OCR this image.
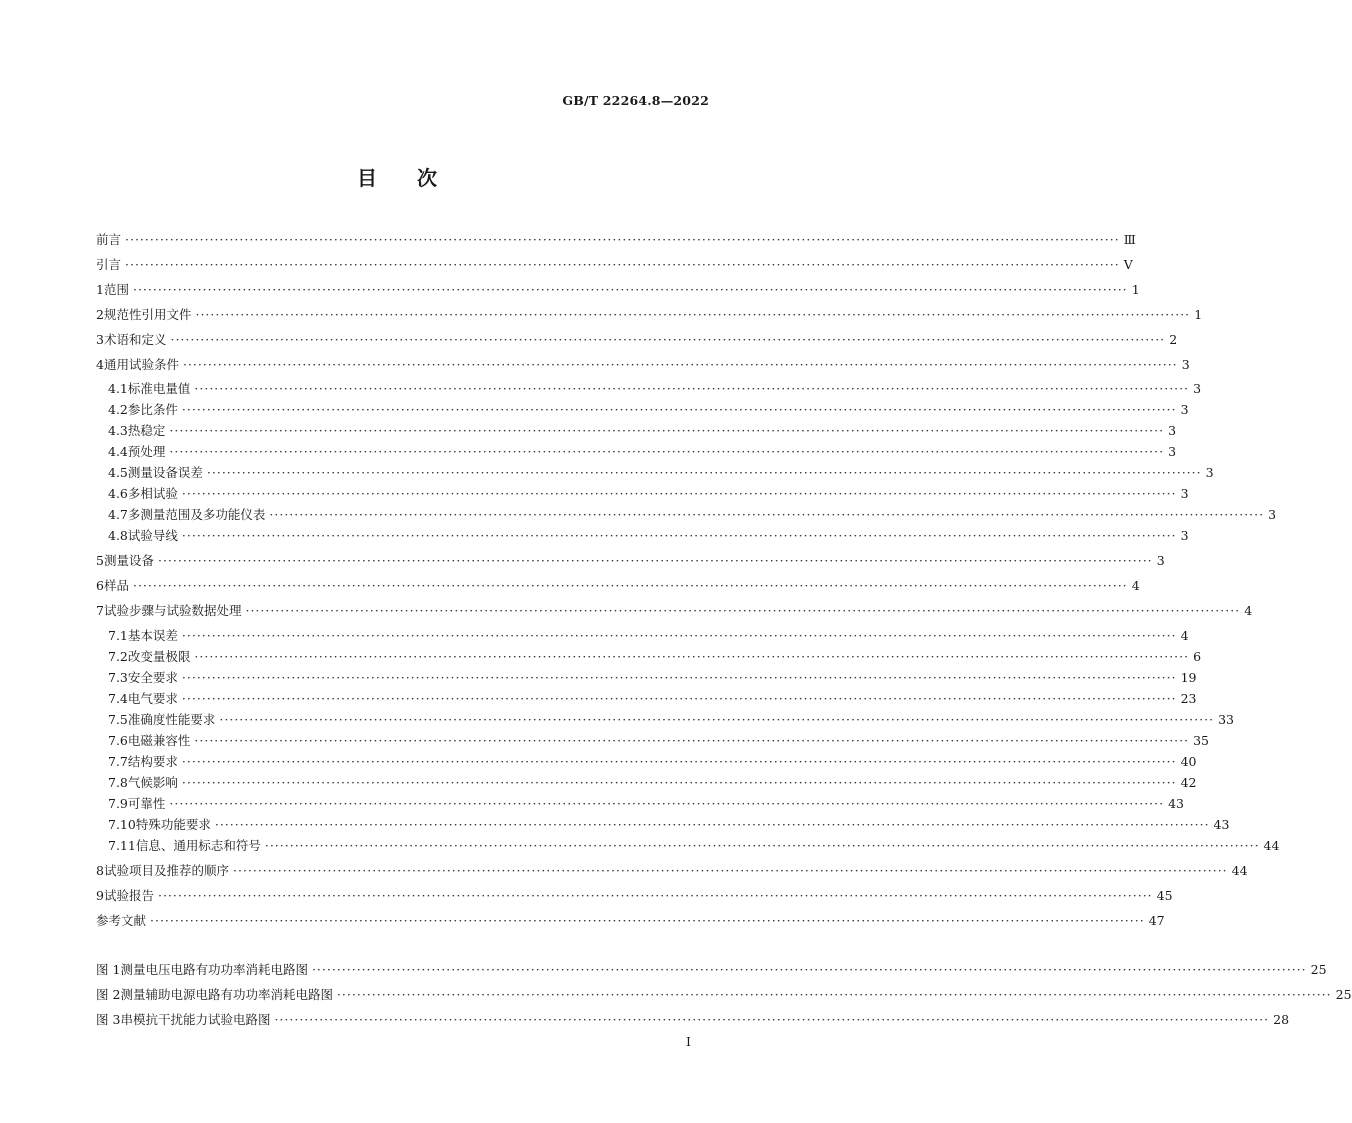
GB/T 22264.8—2022
目 次
前言 ········································································································································································································ Ⅲ
引言 ········································································································································································································ Ⅴ
1 范围 ········································································································································································································ 1
2 规范性引用文件 ········································································································································································································ 1
3 术语和定义 ········································································································································································································ 2
4 通用试验条件 ········································································································································································································ 3
4.1 标准电量值 ········································································································································································································ 3
4.2 参比条件 ········································································································································································································ 3
4.3 热稳定 ········································································································································································································ 3
4.4 预处理 ········································································································································································································ 3
4.5 测量设备误差 ········································································································································································································ 3
4.6 多相试验 ········································································································································································································ 3
4.7 多测量范围及多功能仪表 ········································································································································································································ 3
4.8 试验导线 ········································································································································································································ 3
5 测量设备 ········································································································································································································ 3
6 样品 ········································································································································································································ 4
7 试验步骤与试验数据处理 ········································································································································································································ 4
7.1 基本误差 ········································································································································································································ 4
7.2 改变量极限 ········································································································································································································ 6
7.3 安全要求 ········································································································································································································ 19
7.4 电气要求 ········································································································································································································ 23
7.5 准确度性能要求 ········································································································································································································ 33
7.6 电磁兼容性 ········································································································································································································ 35
7.7 结构要求 ········································································································································································································ 40
7.8 气候影响 ········································································································································································································ 42
7.9 可靠性 ········································································································································································································ 43
7.10 特殊功能要求 ········································································································································································································ 43
7.11 信息、通用标志和符号 ········································································································································································································ 44
8 试验项目及推荐的顺序 ········································································································································································································ 44
9 试验报告 ········································································································································································································ 45
参考文献 ········································································································································································································ 47
图 1 测量电压电路有功功率消耗电路图 ········································································································································································································ 25
图 2 测量辅助电源电路有功功率消耗电路图 ········································································································································································································ 25
图 3 串模抗干扰能力试验电路图 ········································································································································································································ 28
I
